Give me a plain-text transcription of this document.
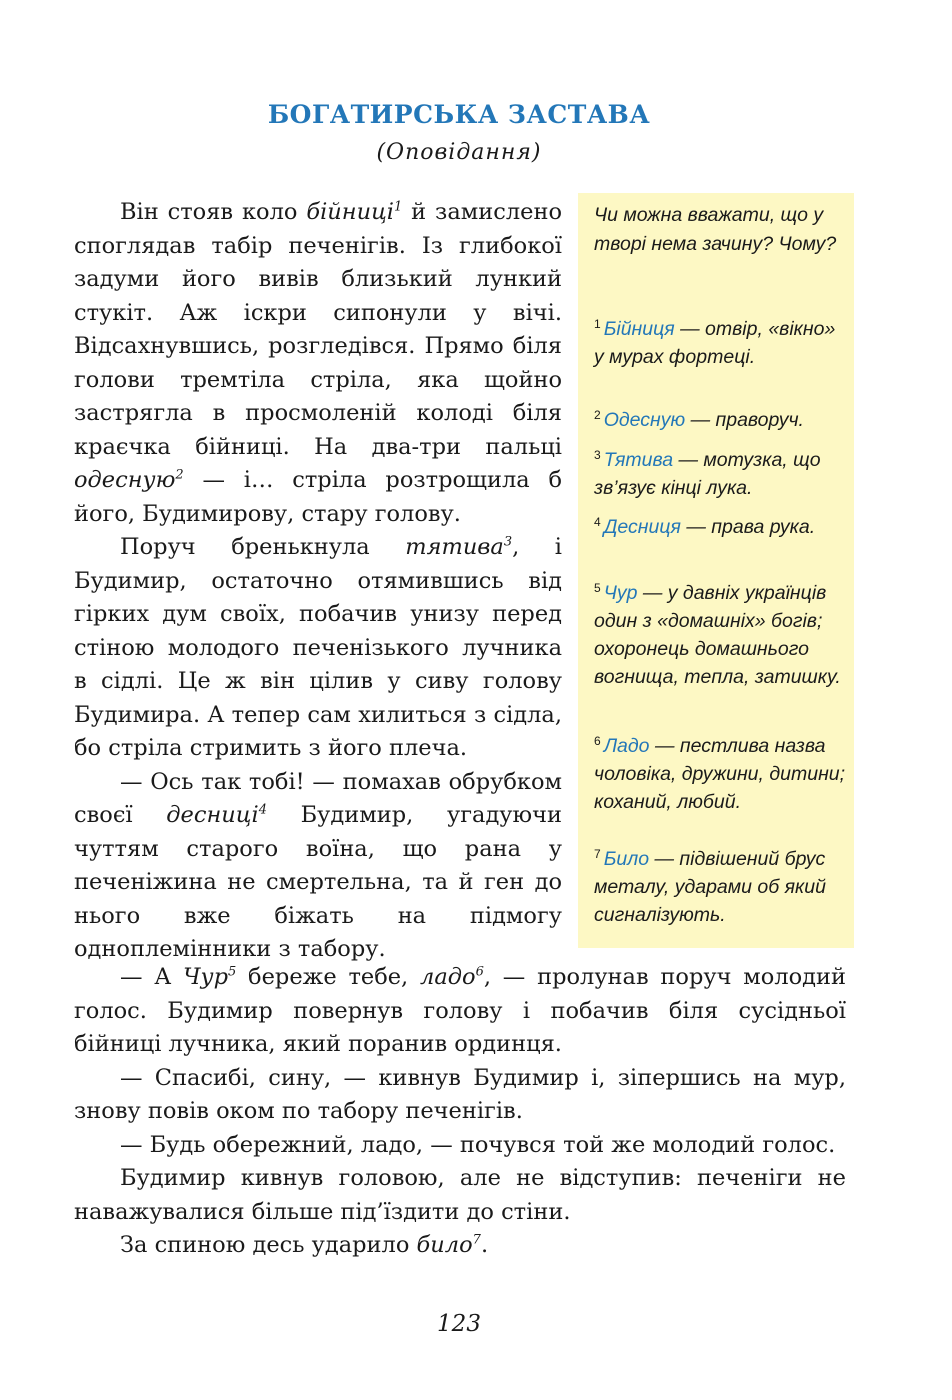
БОГАТИРСЬКА ЗАСТАВА
(Оповідання)

Він стояв коло бійниці$^1$ й замислено споглядав табір печенігів. Із глибокої задуми його вивів близький лункий стукіт. Аж іскри сипонули у вічі. Відсахнувшись, розгледівся. Прямо біля голови тремтіла стріла, яка щойно застрягла в просмоленій колоді біля краєчка бійниці. На два-три пальці одесную$^2$ — і… стріла розтрощила б його, Будимирову, стару голову.

Поруч бренькнула тятива$^3$, і Будимир, остаточно отямившись від гірких дум своїх, побачив унизу перед стіною молодого печенізького лучника в сідлі. Це ж він цілив у сиву голову Будимира. А тепер сам хилиться з сідла, бо стріла стримить з його плеча.

— Ось так тобі! — помахав обрубком своєї десниці$^4$ Будимир, угадуючи чуттям старого воїна, що рана у печеніжина не смертельна, та й ген до нього вже біжать на підмогу одноплемінники з табору.

— А Чур$^5$ береже тебе, ладо$^6$, — пролунав поруч молодий голос. Будимир повернув голову і побачив біля сусідньої бійниці лучника, який поранив ординця.

— Спасибі, сину, — кивнув Будимир і, зіпершись на мур, знову повів оком по табору печенігів.

— Будь обережний, ладо, — почувся той же молодий голос.

Будимир кивнув головою, але не відступив: печеніги не наважувалися більше під’їздити до стіни.

За спиною десь ударило било$^7$.

Чи можна вважати, що у творі нема зачину? Чому?
$^1$ Бійниця — отвір, «вікно» у мурах фортеці.
$^2$ Одесную — праворуч.
$^3$ Тятива — мотузка, що зв’язує кінці лука.
$^4$ Десниця — права рука.
$^5$ Чур — у давніх українців один з «домашніх» богів; охоронець домашнього вогнища, тепла, затишку.
$^6$ Ладо — пестлива назва чоловіка, дружини, дитини; коханий, любий.
$^7$ Било — підвішений брус металу, ударами об який сигналізують.
123
